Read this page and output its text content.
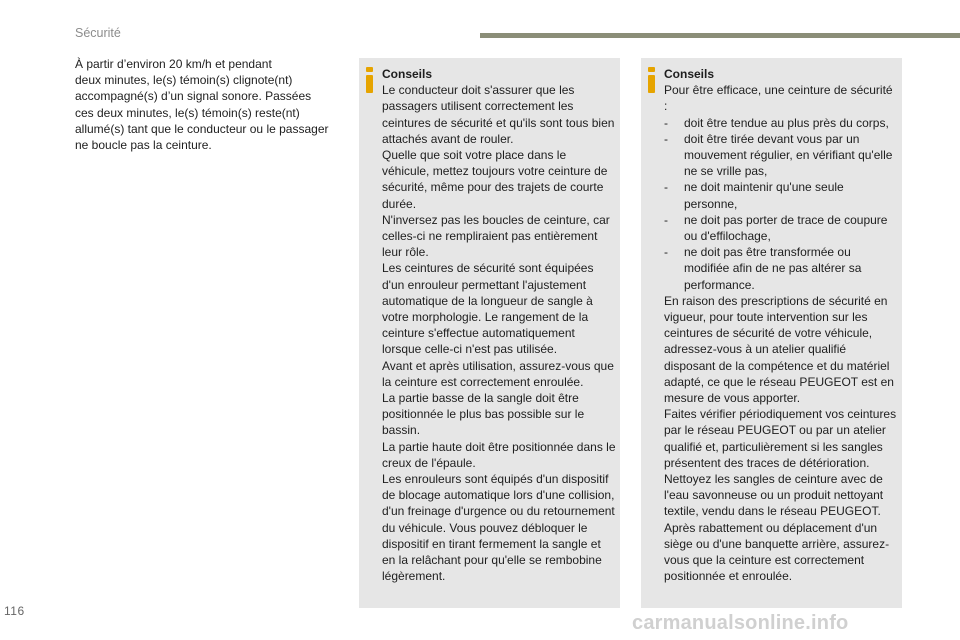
Sécurité
À partir d’environ 20 km/h et pendant
deux minutes, le(s) témoin(s) clignote(nt)
accompagné(s) d’un signal sonore. Passées
ces deux minutes, le(s) témoin(s) reste(nt)
allumé(s) tant que le conducteur ou le passager
ne boucle pas la ceinture.
Conseils

Le conducteur doit s'assurer que les passagers utilisent correctement les ceintures de sécurité et qu'ils sont tous bien attachés avant de rouler.

Quelle que soit votre place dans le véhicule, mettez toujours votre ceinture de sécurité, même pour des trajets de courte durée.

N'inversez pas les boucles de ceinture, car celles-ci ne rempliraient pas entièrement leur rôle.

Les ceintures de sécurité sont équipées d'un enrouleur permettant l'ajustement automatique de la longueur de sangle à votre morphologie. Le rangement de la ceinture s'effectue automatiquement lorsque celle-ci n'est pas utilisée.

Avant et après utilisation, assurez-vous que la ceinture est correctement enroulée.

La partie basse de la sangle doit être positionnée le plus bas possible sur le bassin.

La partie haute doit être positionnée dans le creux de l'épaule.

Les enrouleurs sont équipés d'un dispositif de blocage automatique lors d'une collision, d'un freinage d'urgence ou du retournement du véhicule. Vous pouvez débloquer le dispositif en tirant fermement la sangle et en la relâchant pour qu'elle se rembobine légèrement.

Conseils

Pour être efficace, une ceinture de sécurité :

- doit être tendue au plus près du corps,
- doit être tirée devant vous par un mouvement régulier, en vérifiant qu'elle ne se vrille pas,
- ne doit maintenir qu'une seule personne,
- ne doit pas porter de trace de coupure ou d'effilochage,
- ne doit pas être transformée ou modifiée afin de ne pas altérer sa performance.

En raison des prescriptions de sécurité en vigueur, pour toute intervention sur les ceintures de sécurité de votre véhicule, adressez-vous à un atelier qualifié disposant de la compétence et du matériel adapté, ce que le réseau PEUGEOT est en mesure de vous apporter.

Faites vérifier périodiquement vos ceintures par le réseau PEUGEOT ou par un atelier qualifié et, particulièrement si les sangles présentent des traces de détérioration.

Nettoyez les sangles de ceinture avec de l'eau savonneuse ou un produit nettoyant textile, vendu dans le réseau PEUGEOT.

Après rabattement ou déplacement d'un siège ou d'une banquette arrière, assurez-vous que la ceinture est correctement positionnée et enroulée.

116
carmanualsonline.info
